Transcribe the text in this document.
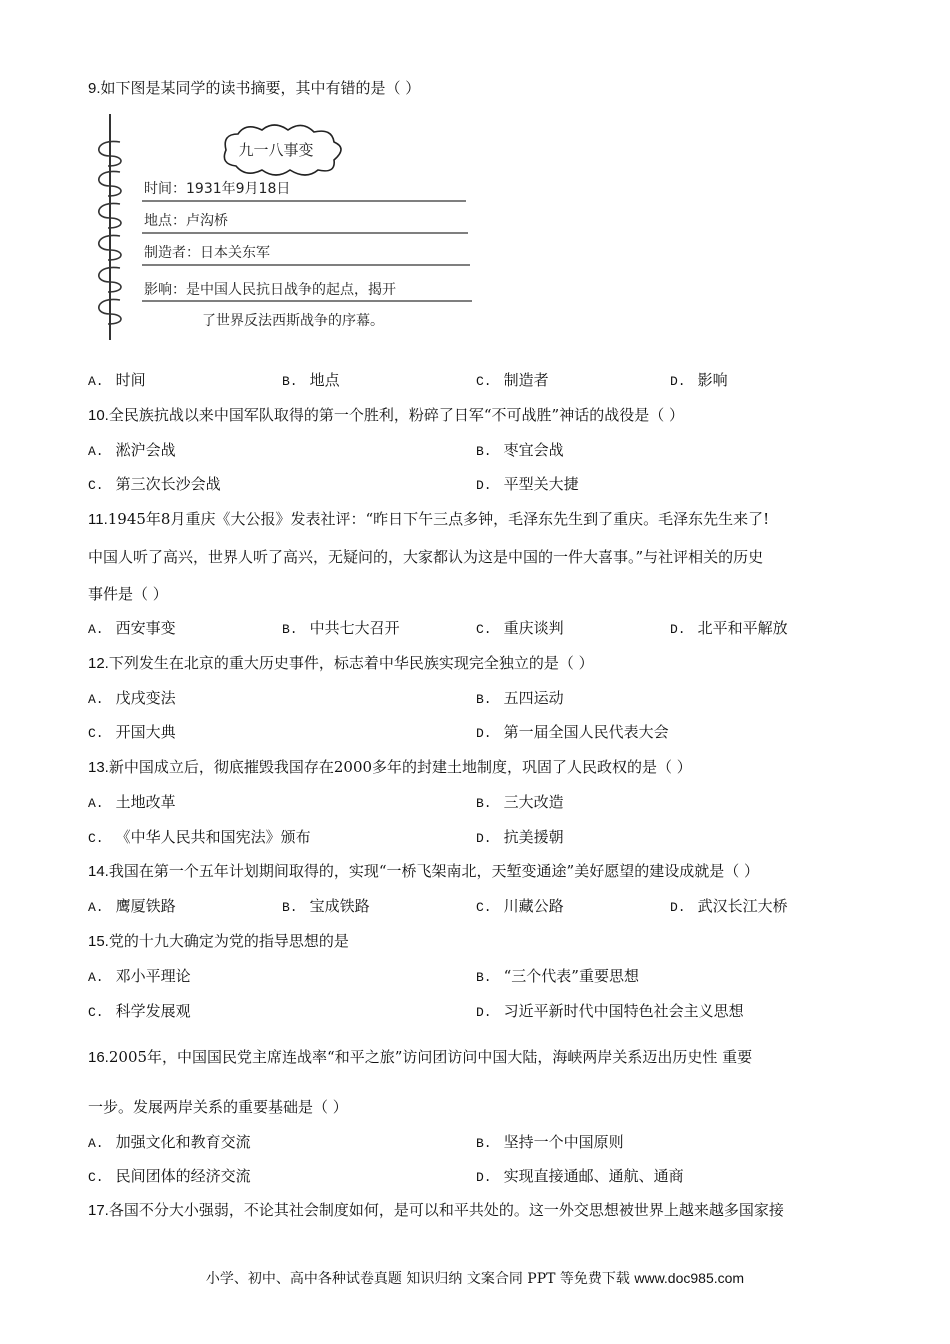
9.如下图是某同学的读书摘要，其中有错的是（ ）
A. 时间	B. 地点	C. 制造者	D. 影响
10.全民族抗战以来中国军队取得的第一个胜利，粉碎了日军“不可战胜”神话的战役是（ ）
A. 淞沪会战	B. 枣宜会战
C. 第三次长沙会战	D. 平型关大捷
11.1945年8月重庆《大公报》发表社评：“昨日下午三点多钟，毛泽东先生到了重庆。毛泽东先生来了!
中国人听了高兴，世界人听了高兴，无疑问的，大家都认为这是中国的一件大喜事。”与社评相关的历史
事件是（ ）
A. 西安事变	B. 中共七大召开	C. 重庆谈判	D. 北平和平解放
12.下列发生在北京的重大历史事件，标志着中华民族实现完全独立的是（ ）
A. 戊戌变法	B. 五四运动
C. 开国大典	D. 第一届全国人民代表大会
13.新中国成立后，彻底摧毁我国存在2000多年的封建土地制度，巩固了人民政权的是（ ）
A. 土地改革	B. 三大改造
C. 《中华人民共和国宪法》颁布	D. 抗美援朝
14.我国在第一个五年计划期间取得的，实现“一桥飞架南北，天堑变通途”美好愿望的建设成就是（ ）
A. 鹰厦铁路	B. 宝成铁路	C. 川藏公路	D. 武汉长江大桥
15.党的十九大确定为党的指导思想的是
A. 邓小平理论	B. “三个代表”重要思想
C. 科学发展观	D. 习近平新时代中国特色社会主义思想
16.2005年，中国国民党主席连战率“和平之旅”访问团访问中国大陆，海峡两岸关系迈出历史性 重要
一步。发展两岸关系的重要基础是（ ）
A. 加强文化和教育交流	B. 坚持一个中国原则
C. 民间团体的经济交流	D. 实现直接通邮、通航、通商
17.各国不分大小强弱，不论其社会制度如何，是可以和平共处的。这一外交思想被世界上越来越多国家接
九一八事变
时间：1931年9月18日
地点：卢沟桥
制造者：日本关东军
影响：是中国人民抗日战争的起点，揭开
了世界反法西斯战争的序幕。
小学、初中、高中各种试卷真题 知识归纳 文案合同 PPT 等免费下载 www.doc985.com
